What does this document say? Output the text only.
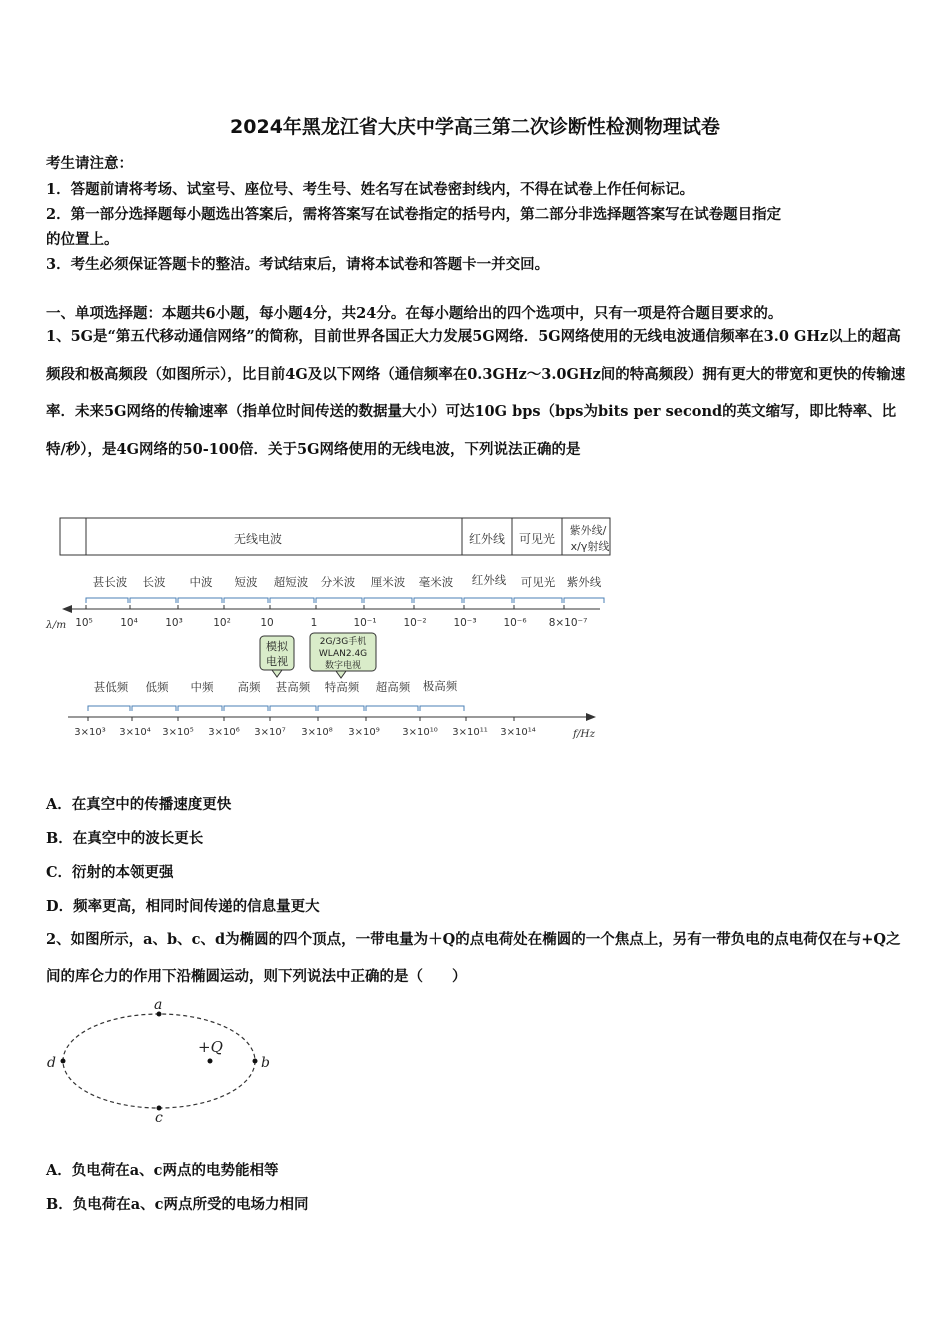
2024年黑龙江省大庆中学高三第二次诊断性检测物理试卷
考生请注意：
1．答题前请将考场、试室号、座位号、考生号、姓名写在试卷密封线内，不得在试卷上作任何标记。
2．第一部分选择题每小题选出答案后，需将答案写在试卷指定的括号内，第二部分非选择题答案写在试卷题目指定
的位置上。
3．考生必须保证答题卡的整洁。考试结束后，请将本试卷和答题卡一并交回。
一、单项选择题：本题共6小题，每小题4分，共24分。在每小题给出的四个选项中，只有一项是符合题目要求的。
1、5G是“第五代移动通信网络”的简称，目前世界各国正大力发展5G网络．5G网络使用的无线电波通信频率在3.0 GHz以上的超高频段和极高频段（如图所示），比目前4G及以下网络（通信频率在0.3GHz～3.0GHz间的特高频段）拥有更大的带宽和更快的传输速率．未来5G网络的传输速率（指单位时间传送的数据量大小）可达10G bps（bps为bits per second的英文缩写，即比特率、比特/秒），是4G网络的50-100倍．关于5G网络使用的无线电波，下列说法正确的是
无线电波	红外线 可见光
紫外线/
x/γ射线
甚长波 长波 中波 短波 超短波 分米波 厘米波 毫米波 红外线 可见光 紫外线
λ/m 10⁵	10⁴	10³	10²	10	1	10⁻¹	10⁻²	10⁻³	10⁻⁶ 8×10⁻⁷
模拟
电视
2G/3G手机
WLAN2.4G
数字电视
甚低频 低频 中频 高频 甚高频 特高频 超高频 极高频
3×10³ 3×10⁴ 3×10⁵ 3×10⁶ 3×10⁷ 3×10⁸ 3×10⁹ 3×10¹⁰ 3×10¹¹ 3×10¹⁴	f/Hz
A．在真空中的传播速度更快
B．在真空中的波长更长
C．衍射的本领更强
D．频率更高，相同时间传递的信息量更大
2、如图所示，a、b、c、d为椭圆的四个顶点，一带电量为＋Q的点电荷处在椭圆的一个焦点上，另有一带负电的点电荷仅在与+Q之间的库仑力的作用下沿椭圆运动，则下列说法中正确的是（　　）
a
b
c
d
+Q
A．负电荷在a、c两点的电势能相等
B．负电荷在a、c两点所受的电场力相同
